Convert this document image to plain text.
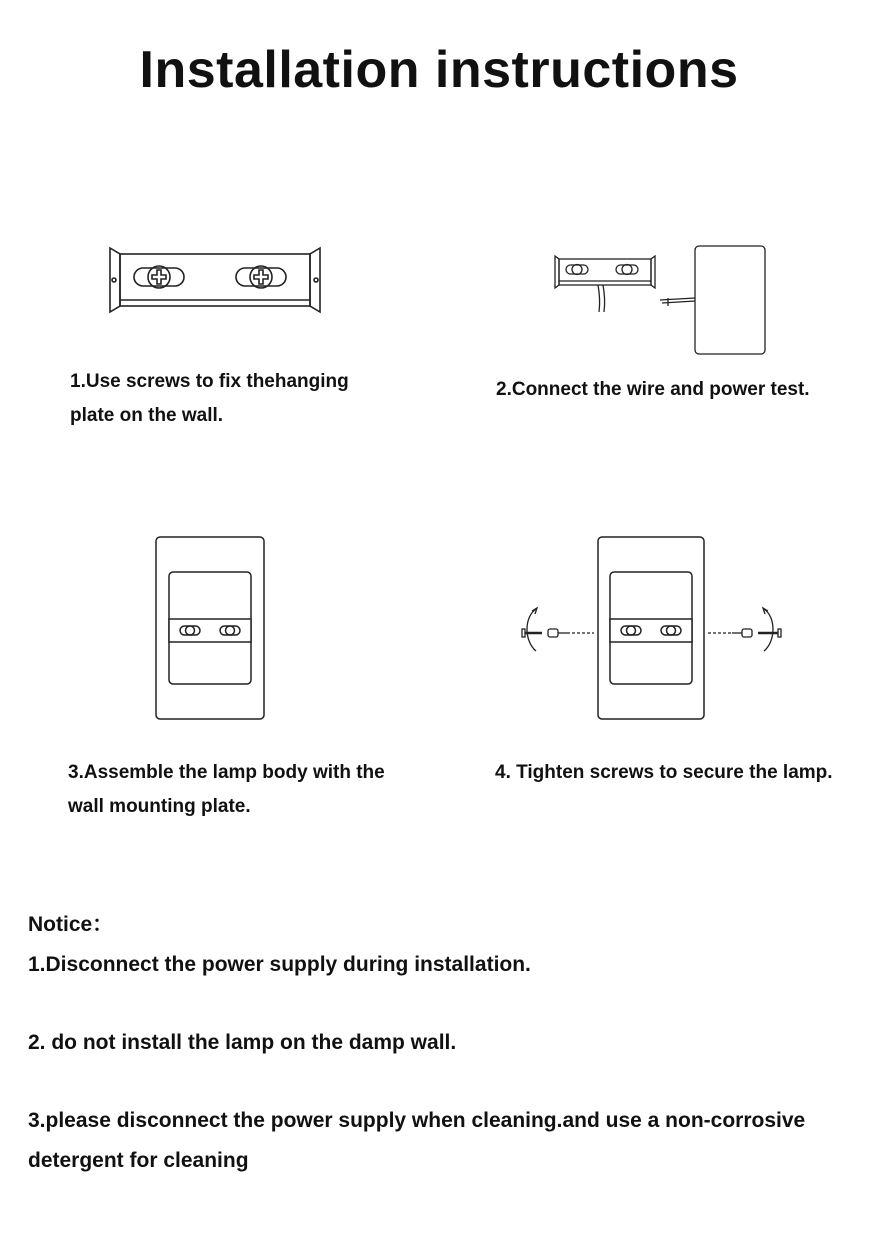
Installation instructions

1.Use screws to fix thehanging plate on the wall.

2.Connect the wire and power test.

3.Assemble the lamp body with the wall mounting plate.

4. Tighten screws to secure the lamp.

Notice：

1.Disconnect the power supply during installation.

2. do not install the lamp on the damp wall.

3.please disconnect the power supply when cleaning.and use a non-corrosive detergent for cleaning
